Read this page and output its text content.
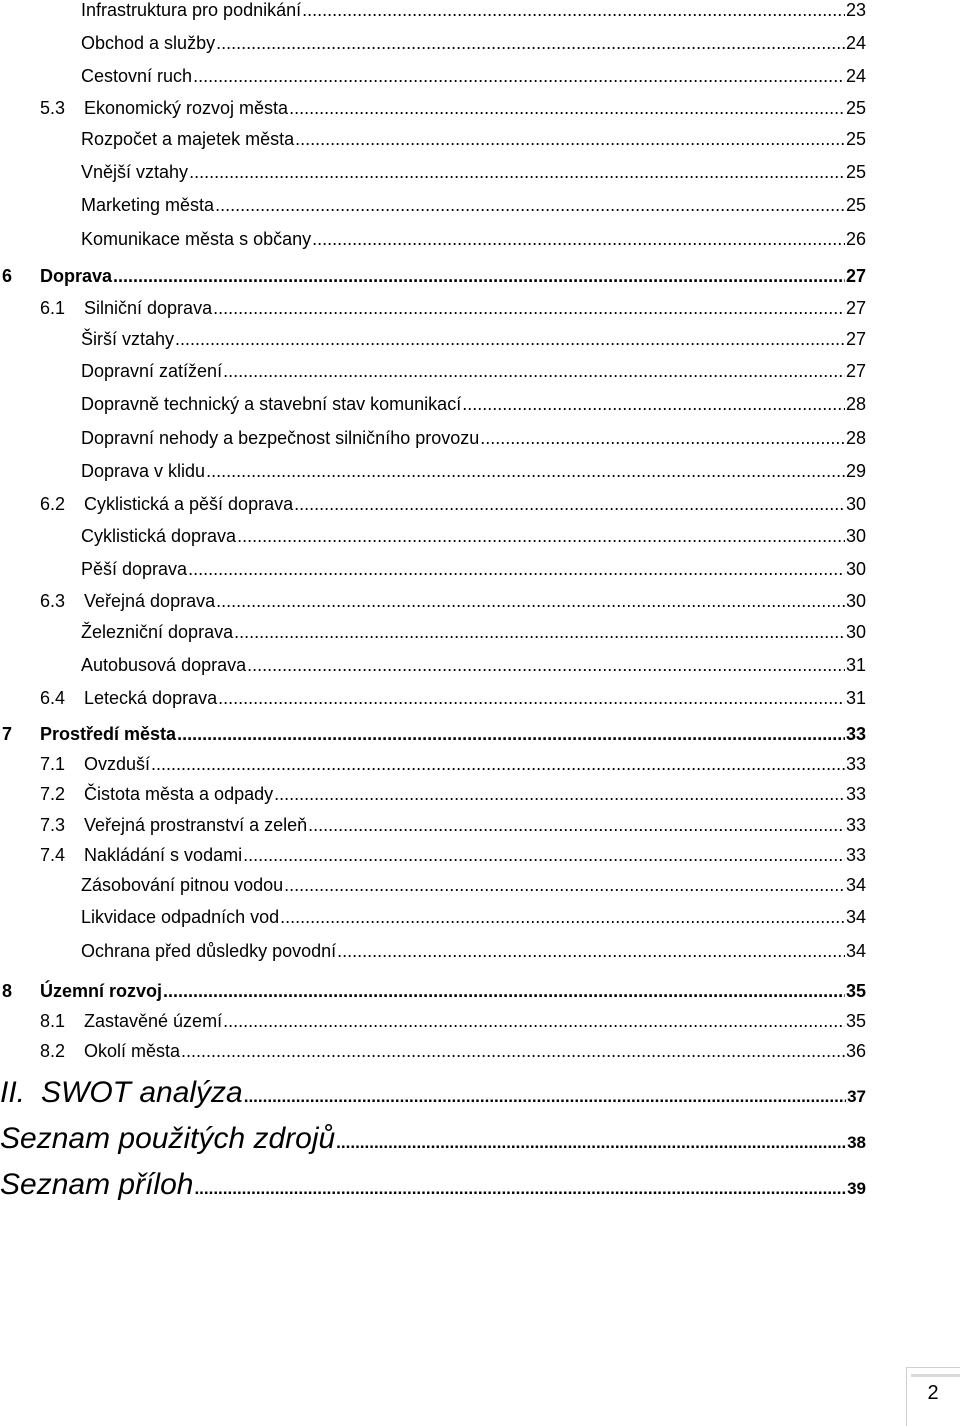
Infrastruktura pro podnikání .....	23
Obchod a služby .....	24
Cestovní ruch .....	24
5.3	Ekonomický rozvoj města .....	25
Rozpočet a majetek města .....	25
Vnější vztahy .....	25
Marketing města .....	25
Komunikace města s občany .....	26
6	Doprava .....	27
6.1	Silniční doprava .....	27
Širší vztahy .....	27
Dopravní zatížení .....	27
Dopravně technický a stavební stav komunikací .....	28
Dopravní nehody a bezpečnost silničního provozu .....	28
Doprava v klidu .....	29
6.2	Cyklistická a pěší doprava .....	30
Cyklistická doprava .....	30
Pěší doprava .....	30
6.3	Veřejná doprava .....	30
Železniční doprava .....	30
Autobusová doprava .....	31
6.4	Letecká doprava .....	31
7	Prostředí města .....	33
7.1	Ovzduší .....	33
7.2	Čistota města a odpady .....	33
7.3	Veřejná prostranství a zeleň .....	33
7.4	Nakládání s vodami .....	33
Zásobování pitnou vodou .....	34
Likvidace odpadních vod .....	34
Ochrana před důsledky povodní .....	34
8	Územní rozvoj .....	35
8.1	Zastavěné území .....	35
8.2	Okolí města .....	36
II. SWOT analýza .....	37
Seznam použitých zdrojů .....	38
Seznam příloh .....	39
2
